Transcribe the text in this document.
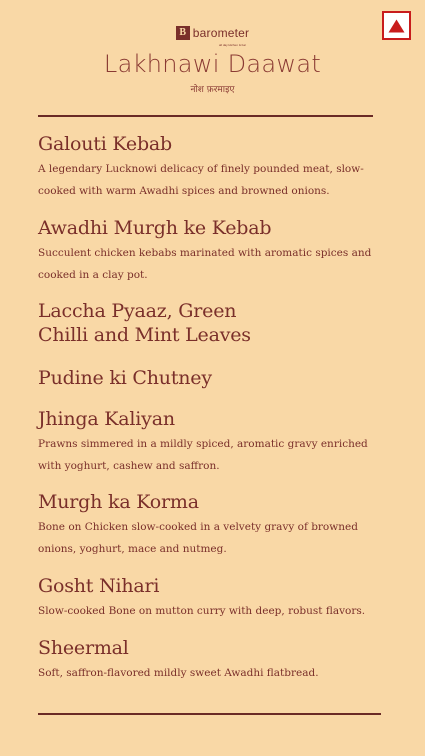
B barometer
all day kitchen & bar
Lakhnawi Daawat
नोश फ़रमाइए
Galouti Kebab
A legendary Lucknowi delicacy of finely pounded meat, slow-cooked with warm Awadhi spices and browned onions.
Awadhi Murgh ke Kebab
Succulent chicken kebabs marinated with aromatic spices and cooked in a clay pot.
Laccha Pyaaz, Green Chilli and Mint Leaves
Pudine ki Chutney
Jhinga Kaliyan
Prawns simmered in a mildly spiced, aromatic gravy enriched with yoghurt, cashew and saffron.
Murgh ka Korma
Bone on Chicken slow-cooked in a velvety gravy of browned onions, yoghurt, mace and nutmeg.
Gosht Nihari
Slow-cooked Bone on mutton curry with deep, robust flavors.
Sheermal
Soft, saffron-flavored mildly sweet Awadhi flatbread.
